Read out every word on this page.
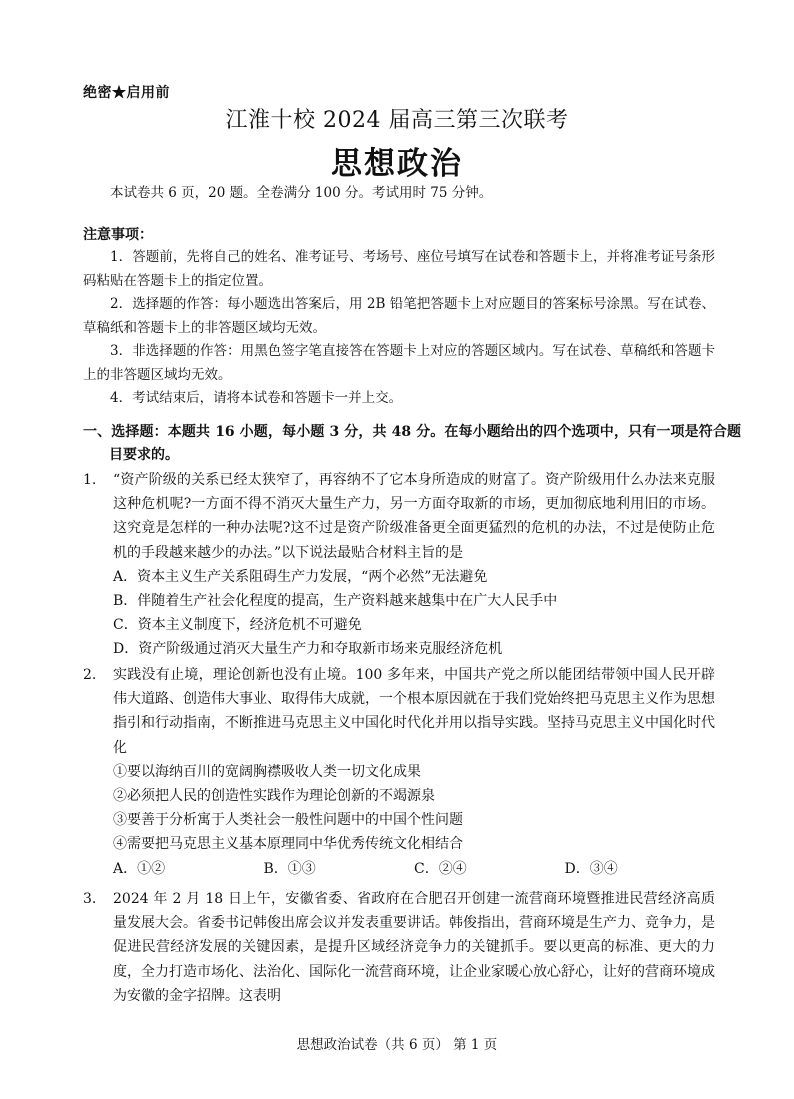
绝密★启用前
江淮十校 2024 届高三第三次联考
思想政治
本试卷共 6 页，20 题。全卷满分 100 分。考试用时 75 分钟。
注意事项：

1．答题前，先将自己的姓名、准考证号、考场号、座位号填写在试卷和答题卡上，并将准考证号条形码粘贴在答题卡上的指定位置。

2．选择题的作答：每小题选出答案后，用 2B 铅笔把答题卡上对应题目的答案标号涂黑。写在试卷、草稿纸和答题卡上的非答题区域均无效。

3．非选择题的作答：用黑色签字笔直接答在答题卡上对应的答题区域内。写在试卷、草稿纸和答题卡上的非答题区域均无效。

4．考试结束后，请将本试卷和答题卡一并上交。

一、选择题：本题共 16 小题，每小题 3 分，共 48 分。在每小题给出的四个选项中，只有一项是符合题目要求的。
1. “资产阶级的关系已经太狭窄了，再容纳不了它本身所造成的财富了。资产阶级用什么办法来克服这种危机呢?一方面不得不消灭大量生产力，另一方面夺取新的市场，更加彻底地利用旧的市场。这究竟是怎样的一种办法呢?这不过是资产阶级准备更全面更猛烈的危机的办法，不过是使防止危机的手段越来越少的办法。”以下说法最贴合材料主旨的是
A．资本主义生产关系阻碍生产力发展，“两个必然”无法避免
B．伴随着生产社会化程度的提高，生产资料越来越集中在广大人民手中
C．资本主义制度下，经济危机不可避免
D．资产阶级通过消灭大量生产力和夺取新市场来克服经济危机
2. 实践没有止境，理论创新也没有止境。100 多年来，中国共产党之所以能团结带领中国人民开辟伟大道路、创造伟大事业、取得伟大成就，一个根本原因就在于我们党始终把马克思主义作为思想指引和行动指南，不断推进马克思主义中国化时代化并用以指导实践。坚持马克思主义中国化时代化
①要以海纳百川的宽阔胸襟吸收人类一切文化成果
②必须把人民的创造性实践作为理论创新的不竭源泉
③要善于分析寓于人类社会一般性问题中的中国个性问题
④需要把马克思主义基本原理同中华优秀传统文化相结合
A．①②	B．①③	C．②④	D．③④
3. 2024 年 2 月 18 日上午，安徽省委、省政府在合肥召开创建一流营商环境暨推进民营经济高质量发展大会。省委书记韩俊出席会议并发表重要讲话。韩俊指出，营商环境是生产力、竞争力，是促进民营经济发展的关键因素，是提升区域经济竞争力的关键抓手。要以更高的标准、更大的力度，全力打造市场化、法治化、国际化一流营商环境，让企业家暖心放心舒心，让好的营商环境成为安徽的金字招牌。这表明
思想政治试卷（共 6 页） 第 1 页
